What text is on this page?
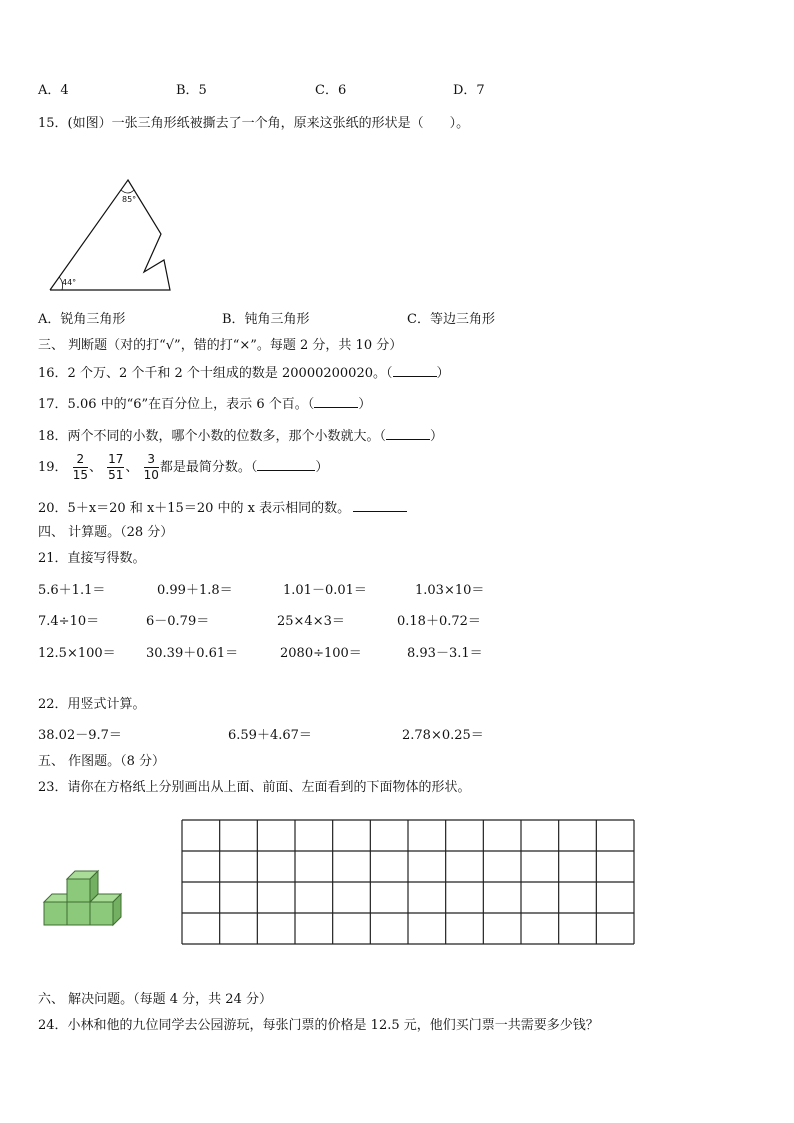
A．4	B．5	C．6	D．7
15．(如图）一张三角形纸被撕去了一个角，原来这张纸的形状是（　　）。
85°
44°
A．锐角三角形	B．钝角三角形	C．等边三角形
三、 判断题（对的打“√”，错的打“×”。每题 2 分，共 10 分）
16．2 个万、2 个千和 2 个十组成的数是 20000200020。（	）
17．5.06 中的“6”在百分位上，表示 6 个百。（	）
18．两个不同的小数，哪个小数的位数多，那个小数就大。（	）
19． $\frac{2}{15}$ 、 $\frac{17}{51}$ 、 $\frac{3}{10}$ 都是最简分数。（	）
20．5＋x＝20 和 x＋15＝20 中的 x 表示相同的数。
四、 计算题。（28 分）
21．直接写得数。
5.6＋1.1＝	0.99＋1.8＝	1.01－0.01＝	1.03×10＝
7.4÷10＝	6－0.79＝	25×4×3＝	0.18＋0.72＝
12.5×100＝ 30.39＋0.61＝	2080÷100＝	8.93－3.1＝
22．用竖式计算。
38.02－9.7＝	6.59＋4.67＝	2.78×0.25＝
五、 作图题。（8 分）
23．请你在方格纸上分别画出从上面、前面、左面看到的下面物体的形状。
六、 解决问题。（每题 4 分，共 24 分）
24．小林和他的九位同学去公园游玩，每张门票的价格是 12.5 元，他们买门票一共需要多少钱？
